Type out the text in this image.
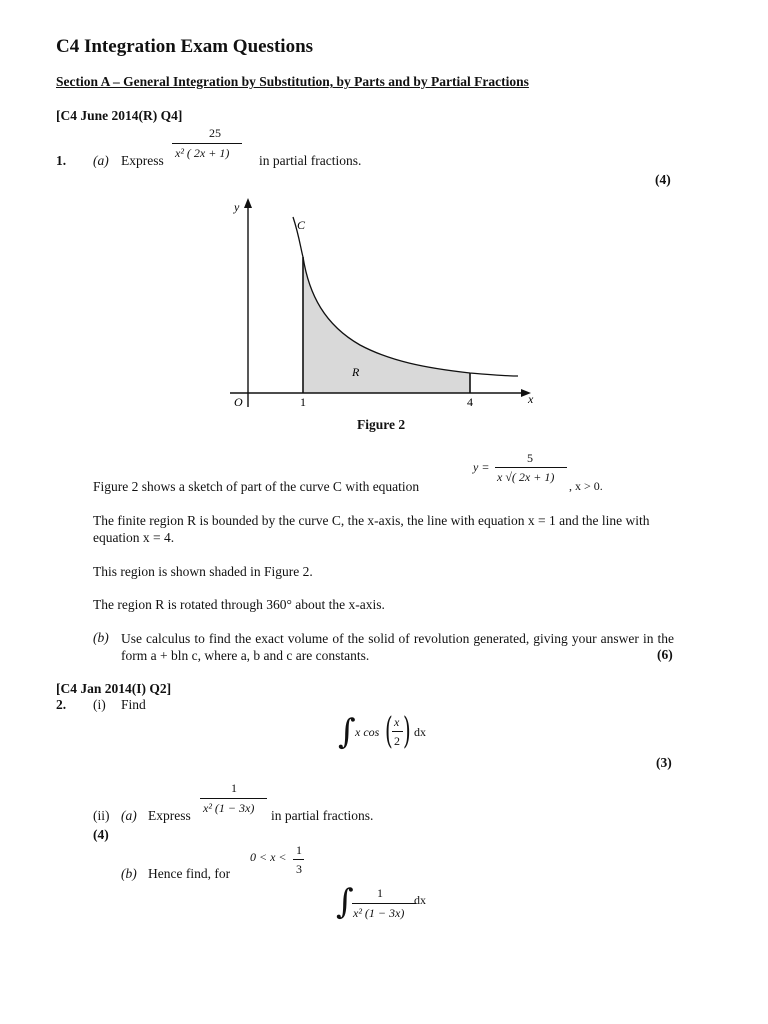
C4 Integration Exam Questions
Section A – General Integration by Substitution, by Parts and by Partial Fractions
[C4 June 2014(R) Q4]
1. (a) Express
25
x² ( 2x + 1) in partial fractions.
(4)
y
x
O
C
R
1	4
Figure 2
y =
5
x √( 2x + 1)
, x > 0.
Figure 2 shows a sketch of part of the curve C with equation
The finite region R is bounded by the curve C, the x-axis, the line with equation x = 1 and the line with equation x = 4.
This region is shown shaded in Figure 2.
The region R is rotated through 360° about the x-axis.
(b) Use calculus to find the exact volume of the solid of revolution generated, giving your answer in the form a + bln c, where a, b and c are constants.	(6)
[C4 Jan 2014(I) Q2]
2. (i) Find
∫ x cos ( x
2 ) dx
(3)
1
x² (1 − 3x)
(ii) (a) Express	in partial fractions.
(4)
0 < x < 1
3
(b) Hence find, for
∫ 1
x² (1 − 3x)
dx
